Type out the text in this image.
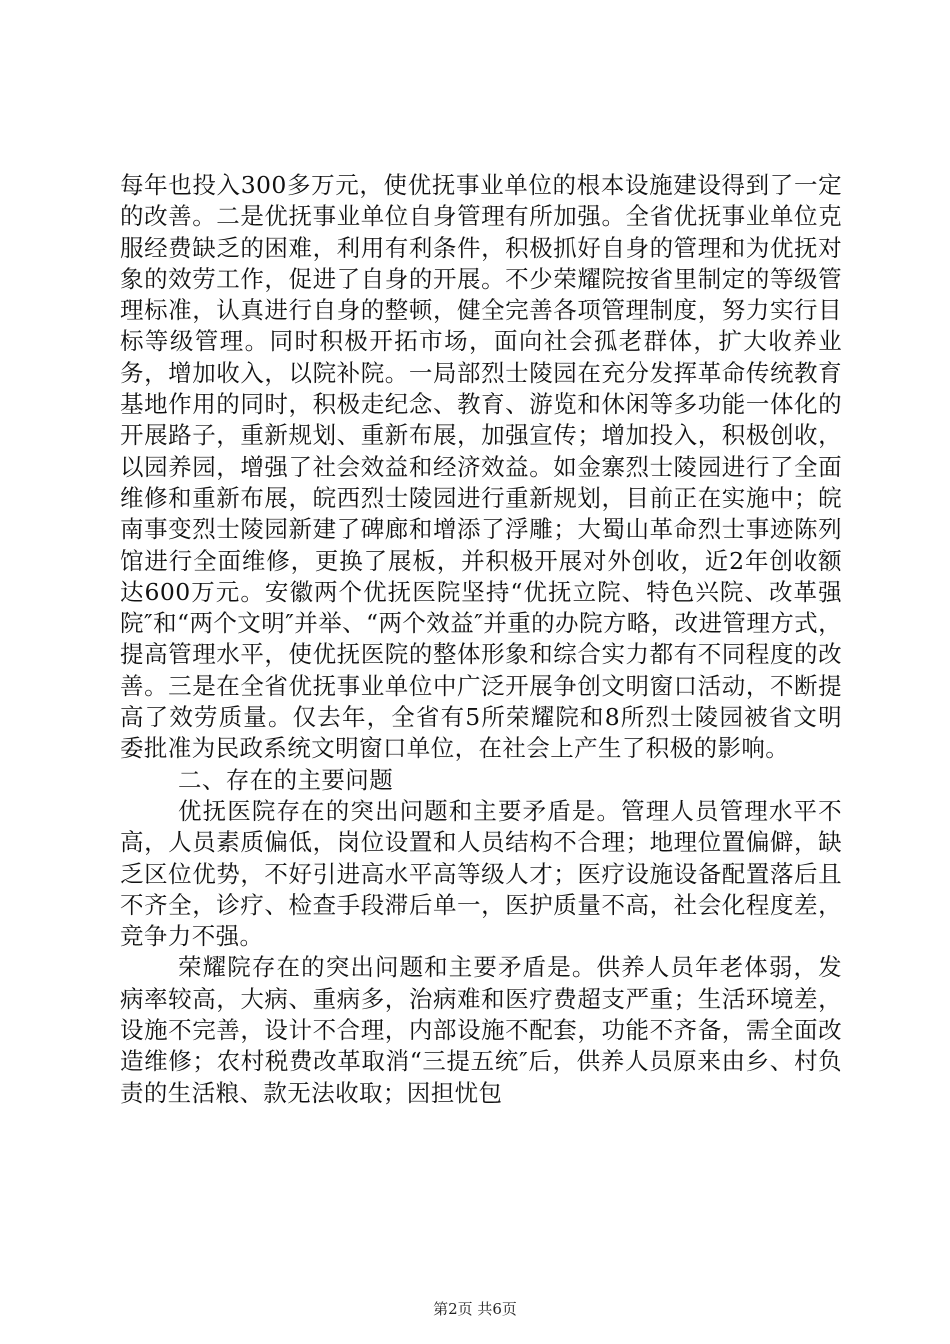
每年也投入300多万元，使优抚事业单位的根本设施建设得到了一定的改善。二是优抚事业单位自身管理有所加强。全省优抚事业单位克服经费缺乏的困难，利用有利条件，积极抓好自身的管理和为优抚对象的效劳工作，促进了自身的开展。不少荣耀院按省里制定的等级管理标准，认真进行自身的整顿，健全完善各项管理制度，努力实行目标等级管理。同时积极开拓市场，面向社会孤老群体，扩大收养业务，增加收入，以院补院。一局部烈士陵园在充分发挥革命传统教育基地作用的同时，积极走纪念、教育、游览和休闲等多功能一体化的开展路子，重新规划、重新布展，加强宣传；增加投入，积极创收，以园养园，增强了社会效益和经济效益。如金寨烈士陵园进行了全面维修和重新布展，皖西烈士陵园进行重新规划，目前正在实施中；皖南事变烈士陵园新建了碑廊和增添了浮雕；大蜀山革命烈士事迹陈列馆进行全面维修，更换了展板，并积极开展对外创收，近2年创收额达600万元。安徽两个优抚医院坚持“优抚立院、特色兴院、改革强院″和“两个文明″并举、“两个效益″并重的办院方略，改进管理方式，提高管理水平，使优抚医院的整体形象和综合实力都有不同程度的改善。三是在全省优抚事业单位中广泛开展争创文明窗口活动，不断提高了效劳质量。仅去年，全省有5所荣耀院和8所烈士陵园被省文明委批准为民政系统文明窗口单位，在社会上产生了积极的影响。

二、存在的主要问题

优抚医院存在的突出问题和主要矛盾是。管理人员管理水平不高，人员素质偏低，岗位设置和人员结构不合理；地理位置偏僻，缺乏区位优势，不好引进高水平高等级人才；医疗设施设备配置落后且不齐全，诊疗、检查手段滞后单一，医护质量不高，社会化程度差，竞争力不强。

荣耀院存在的突出问题和主要矛盾是。供养人员年老体弱，发病率较高，大病、重病多，治病难和医疗费超支严重；生活环境差，设施不完善，设计不合理，内部设施不配套，功能不齐备，需全面改造维修；农村税费改革取消“三提五统″后，供养人员原来由乡、村负责的生活粮、款无法收取；因担忧包

第2页 共6页
